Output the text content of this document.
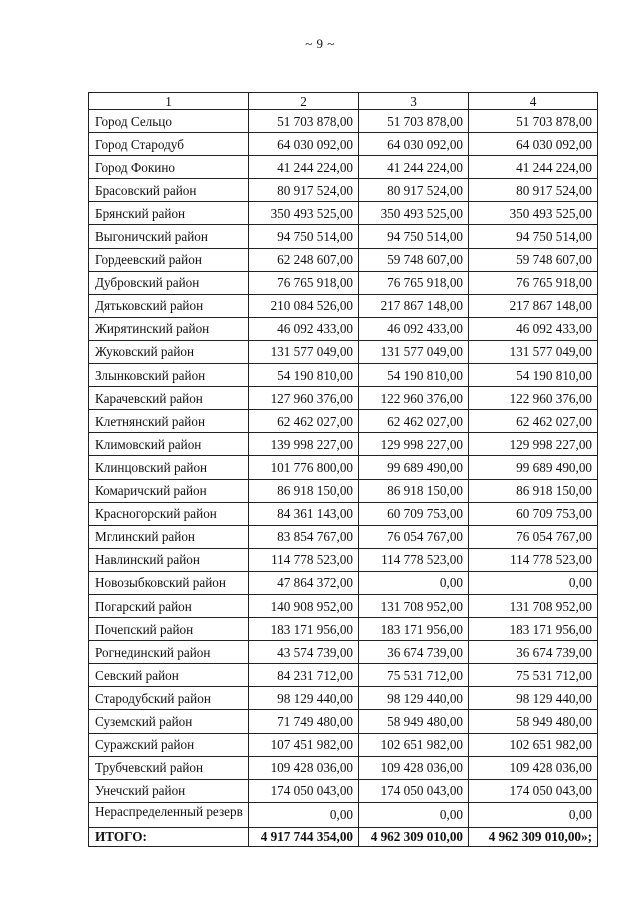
~ 9 ~
1	2	3	4
Город Сельцо	51 703 878,00	51 703 878,00	51 703 878,00
Город Стародуб	64 030 092,00	64 030 092,00	64 030 092,00
Город Фокино	41 244 224,00	41 244 224,00	41 244 224,00
Брасовский район	80 917 524,00	80 917 524,00	80 917 524,00
Брянский район	350 493 525,00	350 493 525,00	350 493 525,00
Выгоничский район	94 750 514,00	94 750 514,00	94 750 514,00
Гордеевский район	62 248 607,00	59 748 607,00	59 748 607,00
Дубровский район	76 765 918,00	76 765 918,00	76 765 918,00
Дятьковский район	210 084 526,00	217 867 148,00	217 867 148,00
Жирятинский район	46 092 433,00	46 092 433,00	46 092 433,00
Жуковский район	131 577 049,00	131 577 049,00	131 577 049,00
Злынковский район	54 190 810,00	54 190 810,00	54 190 810,00
Карачевский район	127 960 376,00	122 960 376,00	122 960 376,00
Клетнянский район	62 462 027,00	62 462 027,00	62 462 027,00
Климовский район	139 998 227,00	129 998 227,00	129 998 227,00
Клинцовский район	101 776 800,00	99 689 490,00	99 689 490,00
Комаричский район	86 918 150,00	86 918 150,00	86 918 150,00
Красногорский район	84 361 143,00	60 709 753,00	60 709 753,00
Мглинский район	83 854 767,00	76 054 767,00	76 054 767,00
Навлинский район	114 778 523,00	114 778 523,00	114 778 523,00
Новозыбковский район	47 864 372,00	0,00	0,00
Погарский район	140 908 952,00	131 708 952,00	131 708 952,00
Почепский район	183 171 956,00	183 171 956,00	183 171 956,00
Рогнединский район	43 574 739,00	36 674 739,00	36 674 739,00
Севский район	84 231 712,00	75 531 712,00	75 531 712,00
Стародубский район	98 129 440,00	98 129 440,00	98 129 440,00
Суземский район	71 749 480,00	58 949 480,00	58 949 480,00
Суражский район	107 451 982,00	102 651 982,00	102 651 982,00
Трубчевский район	109 428 036,00	109 428 036,00	109 428 036,00
Унечский район	174 050 043,00	174 050 043,00	174 050 043,00
Нераспределенный резерв	0,00	0,00	0,00
ИТОГО:	4 917 744 354,00	4 962 309 010,00	4 962 309 010,00»;
